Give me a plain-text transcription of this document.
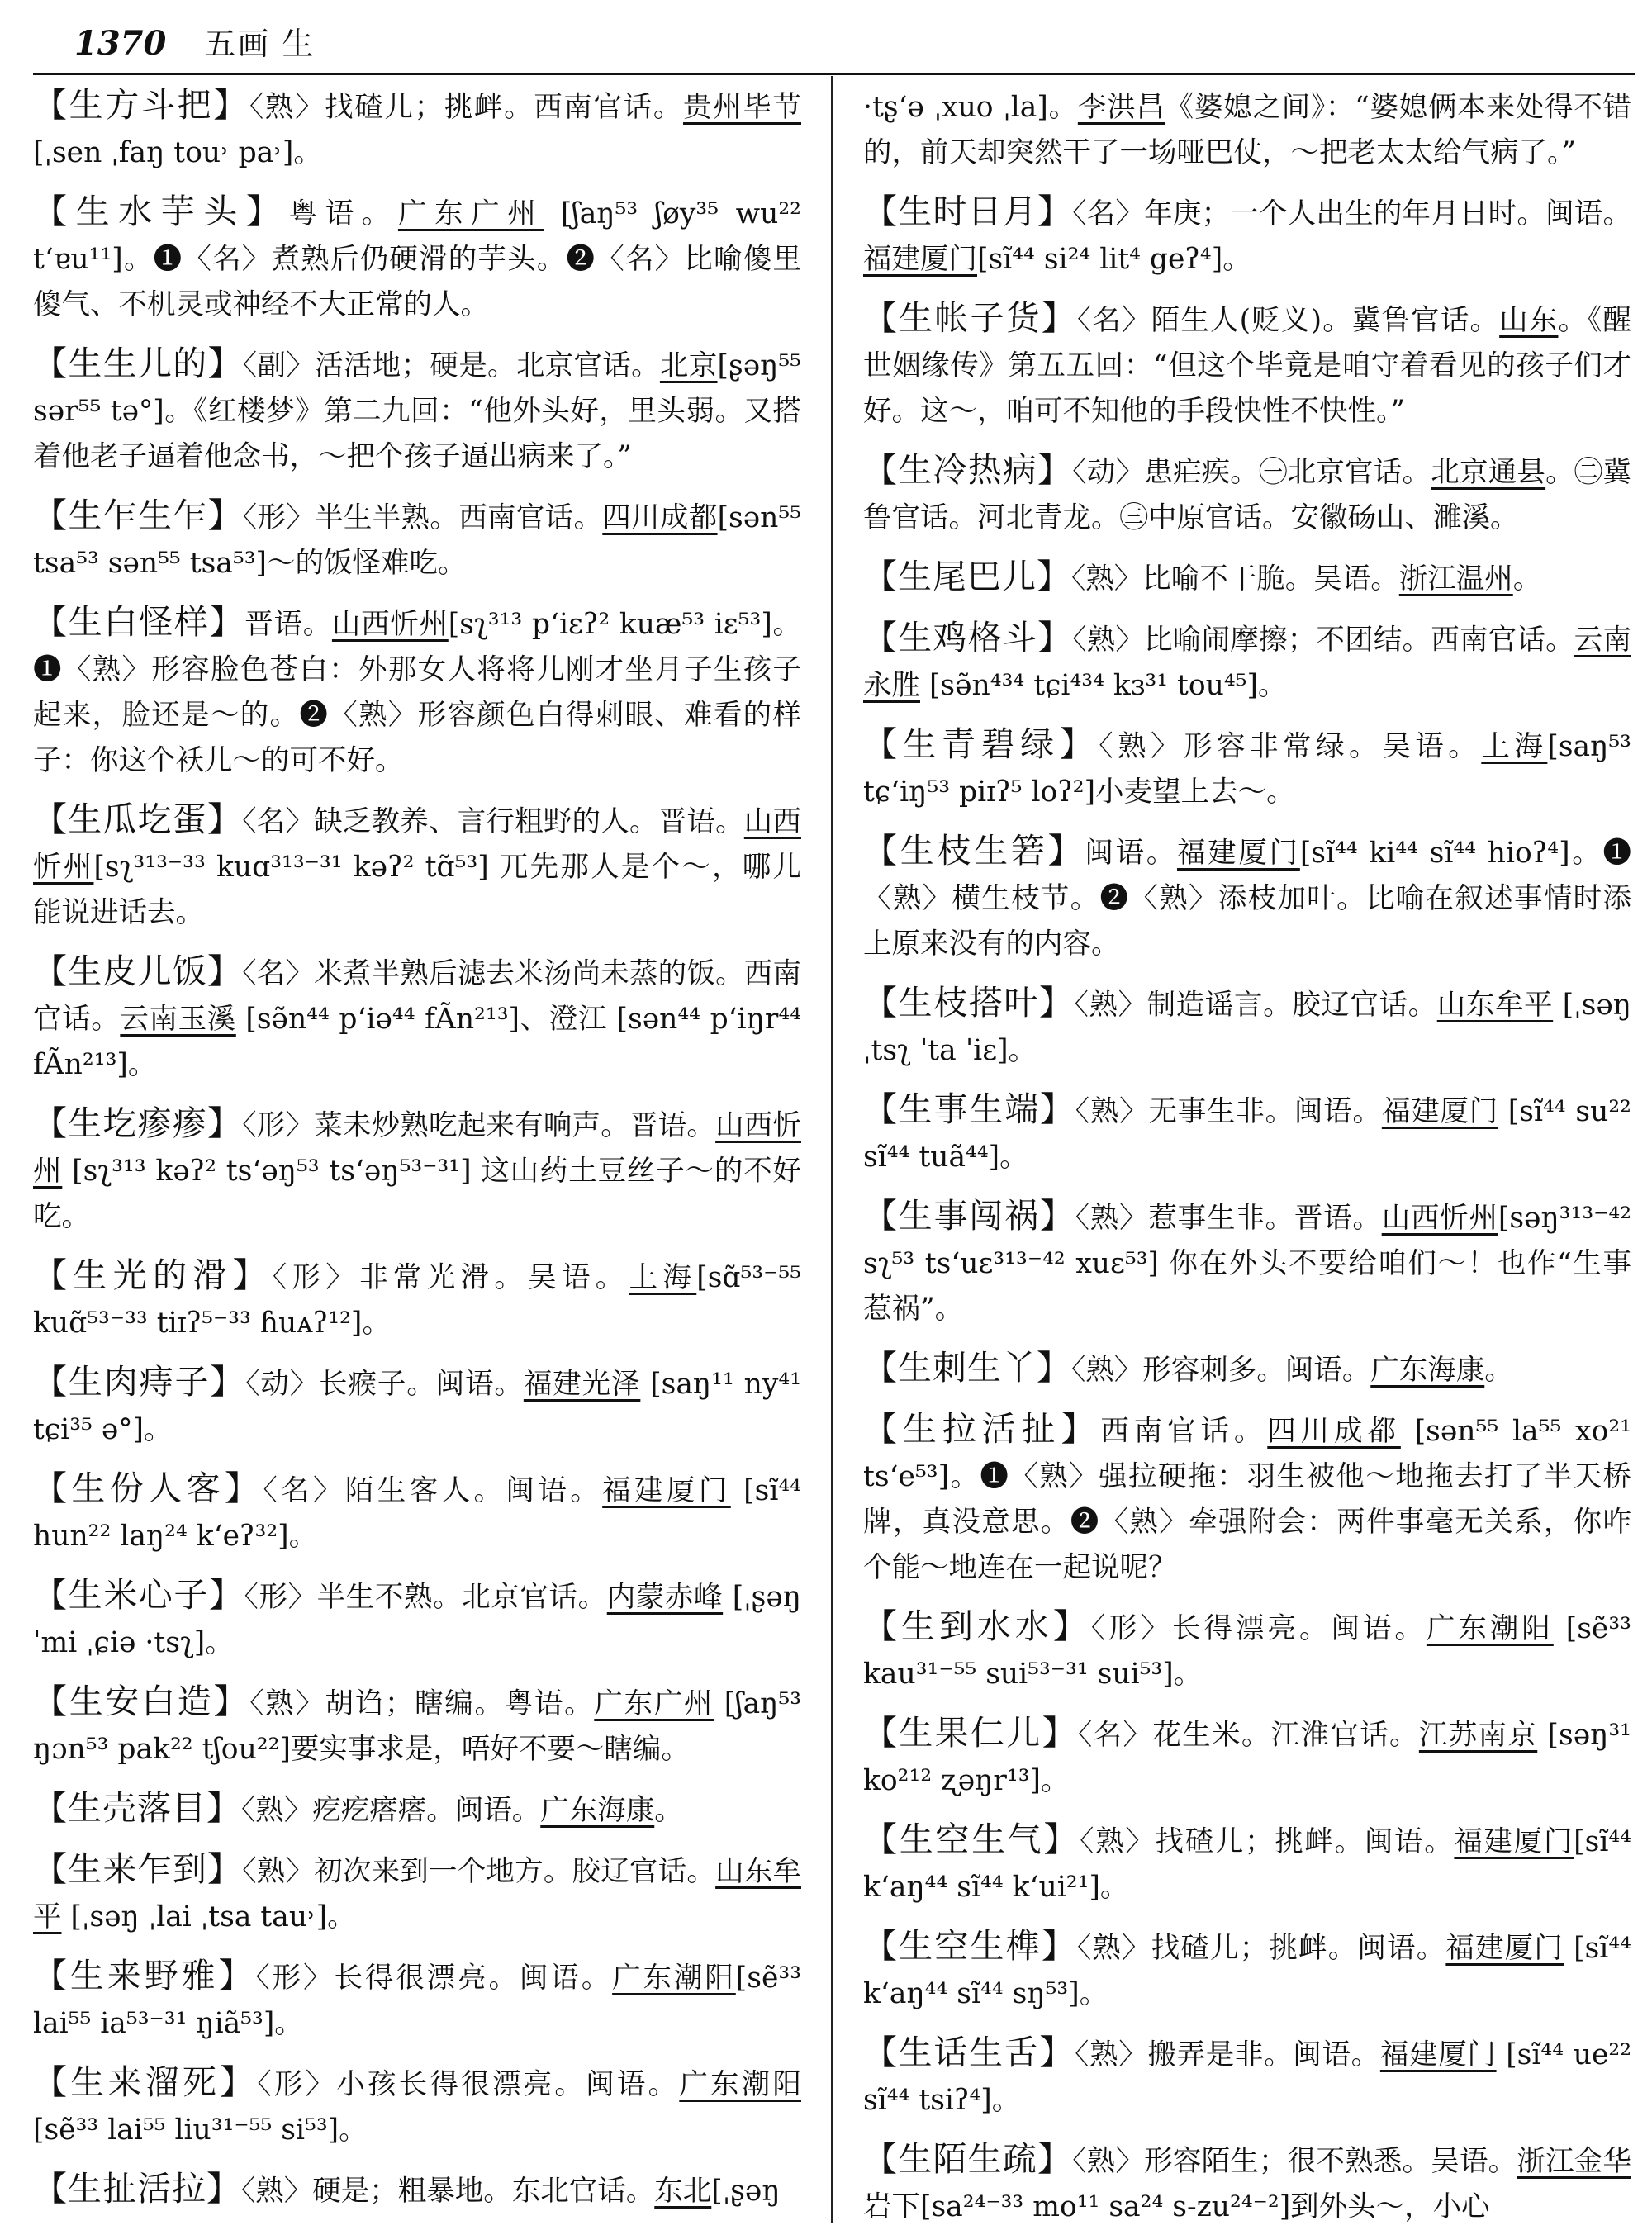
1370 五画 生

【生方斗把】〈熟〉找碴儿；挑衅。西南官话。贵州毕节[ˌsen ˌfaŋ tou˒ pa˒]。

【生水芋头】粤语。广东广州 [ʃaŋ⁵³ ʃøy³⁵ wu²² tʻɐu¹¹]。❶〈名〉煮熟后仍硬滑的芋头。❷〈名〉比喻傻里傻气、不机灵或神经不大正常的人。

【生生儿的】〈副〉活活地；硬是。北京官话。北京[ʂəŋ⁵⁵ sər⁵⁵ tə°]。《红楼梦》第二九回：“他外头好，里头弱。又搭着他老子逼着他念书，～把个孩子逼出病来了。”

【生乍生乍】〈形〉半生半熟。西南官话。四川成都[sən⁵⁵ tsa⁵³ sən⁵⁵ tsa⁵³]～的饭怪难吃。

【生白怪样】晋语。山西忻州[sʅ³¹³ pʻiɛʔ² kuæ⁵³ iɛ⁵³]。❶〈熟〉形容脸色苍白：外那女人将将儿刚才坐月子生孩子起来，脸还是～的。❷〈熟〉形容颜色白得刺眼、难看的样子：你这个袄儿～的可不好。

【生瓜圪蛋】〈名〉缺乏教养、言行粗野的人。晋语。山西忻州[sʅ³¹³⁻³³ kuɑ³¹³⁻³¹ kəʔ² tɑ̃⁵³] 兀先那人是个～，哪儿能说进话去。

【生皮儿饭】〈名〉米煮半熟后滤去米汤尚未蒸的饭。西南官话。云南玉溪 [sə̃n⁴⁴ pʻiə⁴⁴ fÃn²¹³]、澄江 [sən⁴⁴ pʻiŋr⁴⁴ fÃn²¹³]。

【生圪瘆瘆】〈形〉菜未炒熟吃起来有响声。晋语。山西忻州 [sʅ³¹³ kəʔ² tsʻəŋ⁵³ tsʻəŋ⁵³⁻³¹] 这山药土豆丝子～的不好吃。

【生光的滑】〈形〉非常光滑。吴语。上海[sɑ̃⁵³⁻⁵⁵ kuɑ̃⁵³⁻³³ tiɪʔ⁵⁻³³ ɦuᴀʔ¹²]。

【生肉痔子】〈动〉长瘊子。闽语。福建光泽 [saŋ¹¹ ny⁴¹ tɕi³⁵ ə°]。

【生份人客】〈名〉陌生客人。闽语。福建厦门 [sĩ⁴⁴ hun²² laŋ²⁴ kʻeʔ³²]。

【生米心子】〈形〉半生不熟。北京官话。内蒙赤峰 [ˌʂəŋ ˈmi ˌɕiə ·tsʅ]。

【生安白造】〈熟〉胡诌；瞎编。粤语。广东广州 [ʃaŋ⁵³ ŋɔn⁵³ pak²² tʃou²²]要实事求是，唔好不要～瞎编。

【生壳落目】〈熟〉疙疙瘩瘩。闽语。广东海康。

【生来乍到】〈熟〉初次来到一个地方。胶辽官话。山东牟平 [ˌsəŋ ˌlai ˌtsa tau˒]。

【生来野雅】〈形〉长得很漂亮。闽语。广东潮阳[sẽ³³ lai⁵⁵ ia⁵³⁻³¹ ŋiã⁵³]。

【生来溜死】〈形〉小孩长得很漂亮。闽语。广东潮阳 [sẽ³³ lai⁵⁵ liu³¹⁻⁵⁵ si⁵³]。

【生扯活拉】〈熟〉硬是；粗暴地。东北官话。东北[ˌʂəŋ

·tʂʻə ˌxuo ˌla]。李洪昌《婆媳之间》：“婆媳俩本来处得不错的，前天却突然干了一场哑巴仗，～把老太太给气病了。”

【生时日月】〈名〉年庚；一个人出生的年月日时。闽语。福建厦门[sĩ⁴⁴ si²⁴ lit⁴ geʔ⁴]。

【生帐子货】〈名〉陌生人(贬义)。冀鲁官话。山东。《醒世姻缘传》第五五回：“但这个毕竟是咱守着看见的孩子们才好。这～，咱可不知他的手段快性不快性。”

【生冷热病】〈动〉患疟疾。㊀北京官话。北京通县。㊁冀鲁官话。河北青龙。㊂中原官话。安徽砀山、濉溪。

【生尾巴儿】〈熟〉比喻不干脆。吴语。浙江温州。

【生鸡格斗】〈熟〉比喻闹摩擦；不团结。西南官话。云南永胜 [sə̃n⁴³⁴ tɕi⁴³⁴ kɜ³¹ tou⁴⁵]。

【生青碧绿】〈熟〉形容非常绿。吴语。上海[saŋ⁵³ tɕʻiŋ⁵³ piɪʔ⁵ loʔ²]小麦望上去～。

【生枝生箬】闽语。福建厦门[sĩ⁴⁴ ki⁴⁴ sĩ⁴⁴ hioʔ⁴]。❶〈熟〉横生枝节。❷〈熟〉添枝加叶。比喻在叙述事情时添上原来没有的内容。

【生枝搭叶】〈熟〉制造谣言。胶辽官话。山东牟平 [ˌsəŋ ˌtsʅ ˈta ˈiɛ]。

【生事生端】〈熟〉无事生非。闽语。福建厦门 [sĩ⁴⁴ su²² sĩ⁴⁴ tuã⁴⁴]。

【生事闯祸】〈熟〉惹事生非。晋语。山西忻州[səŋ³¹³⁻⁴² sʅ⁵³ tsʻuɛ³¹³⁻⁴² xuɛ⁵³] 你在外头不要给咱们～！也作“生事惹祸”。

【生刺生丫】〈熟〉形容刺多。闽语。广东海康。

【生拉活扯】西南官话。四川成都 [sən⁵⁵ la⁵⁵ xo²¹ tsʻe⁵³]。❶〈熟〉强拉硬拖：羽生被他～地拖去打了半天桥牌，真没意思。❷〈熟〉牵强附会：两件事毫无关系，你咋个能～地连在一起说呢？

【生到水水】〈形〉长得漂亮。闽语。广东潮阳 [sẽ³³ kau³¹⁻⁵⁵ sui⁵³⁻³¹ sui⁵³]。

【生果仁儿】〈名〉花生米。江淮官话。江苏南京 [səŋ³¹ ko²¹² ʐəŋr¹³]。

【生空生气】〈熟〉找碴儿；挑衅。闽语。福建厦门[sĩ⁴⁴ kʻaŋ⁴⁴ sĩ⁴⁴ kʻui²¹]。

【生空生榫】〈熟〉找碴儿；挑衅。闽语。福建厦门 [sĩ⁴⁴ kʻaŋ⁴⁴ sĩ⁴⁴ sŋ⁵³]。

【生话生舌】〈熟〉搬弄是非。闽语。福建厦门 [sĩ⁴⁴ ue²² sĩ⁴⁴ tsiʔ⁴]。

【生陌生疏】〈熟〉形容陌生；很不熟悉。吴语。浙江金华岩下[sa²⁴⁻³³ mo¹¹ sa²⁴ s-zu²⁴⁻²]到外头～，小心
